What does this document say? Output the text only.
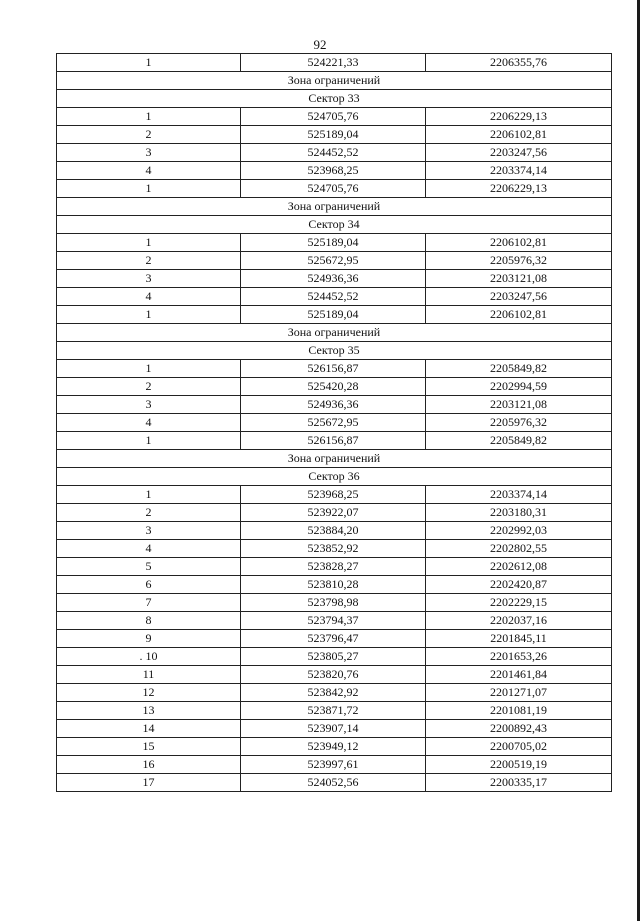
92
1	524221,33	2206355,76
Зона ограничений		
Сектор 33		
1	524705,76	2206229,13
2	525189,04	2206102,81
3	524452,52	2203247,56
4	523968,25	2203374,14
1	524705,76	2206229,13
Зона ограничений		
Сектор 34		
1	525189,04	2206102,81
2	525672,95	2205976,32
3	524936,36	2203121,08
4	524452,52	2203247,56
1	525189,04	2206102,81
Зона ограничений		
Сектор 35		
1	526156,87	2205849,82
2	525420,28	2202994,59
3	524936,36	2203121,08
4	525672,95	2205976,32
1	526156,87	2205849,82
Зона ограничений		
Сектор 36		
1	523968,25	2203374,14
2	523922,07	2203180,31
3	523884,20	2202992,03
4	523852,92	2202802,55
5	523828,27	2202612,08
6	523810,28	2202420,87
7	523798,98	2202229,15
8	523794,37	2202037,16
9	523796,47	2201845,11
. 10	523805,27	2201653,26
11	523820,76	2201461,84
12	523842,92	2201271,07
13	523871,72	2201081,19
14	523907,14	2200892,43
15	523949,12	2200705,02
16	523997,61	2200519,19
17	524052,56	2200335,17
